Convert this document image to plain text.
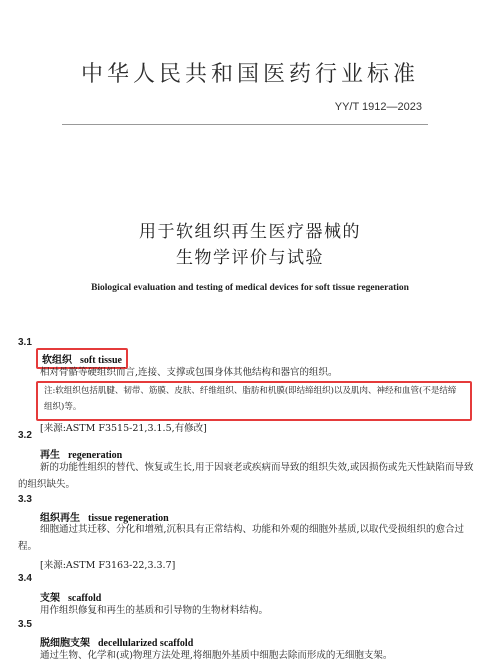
中华人民共和国医药行业标准
YY/T 1912—2023
用于软组织再生医疗器械的
生物学评价与试验
Biological evaluation and testing of medical devices for soft tissue regeneration
3.1
软组织 soft tissue
相对骨骼等硬组织而言,连接、支撑或包围身体其他结构和器官的组织。
注:软组织包括肌腱、韧带、筋膜、皮肤、纤维组织、脂肪和机膜(即结缔组织)以及肌肉、神经和血管(不是结缔组织)等。
[来源:ASTM F3515-21,3.1.5,有修改]
3.2
再生 regeneration
新的功能性组织的替代、恢复或生长,用于因衰老或疾病而导致的组织失效,或因损伤或先天性缺陷而导致的组织缺失。
3.3
组织再生 tissue regeneration
细胞通过其迁移、分化和增殖,沉积具有正常结构、功能和外观的细胞外基质,以取代受损组织的愈合过程。
[来源:ASTM F3163-22,3.3.7]
3.4
支架 scaffold
用作组织修复和再生的基质和引导物的生物材料结构。
3.5
脱细胞支架 decellularized scaffold
通过生物、化学和(或)物理方法处理,将细胞外基质中细胞去除而形成的无细胞支架。
